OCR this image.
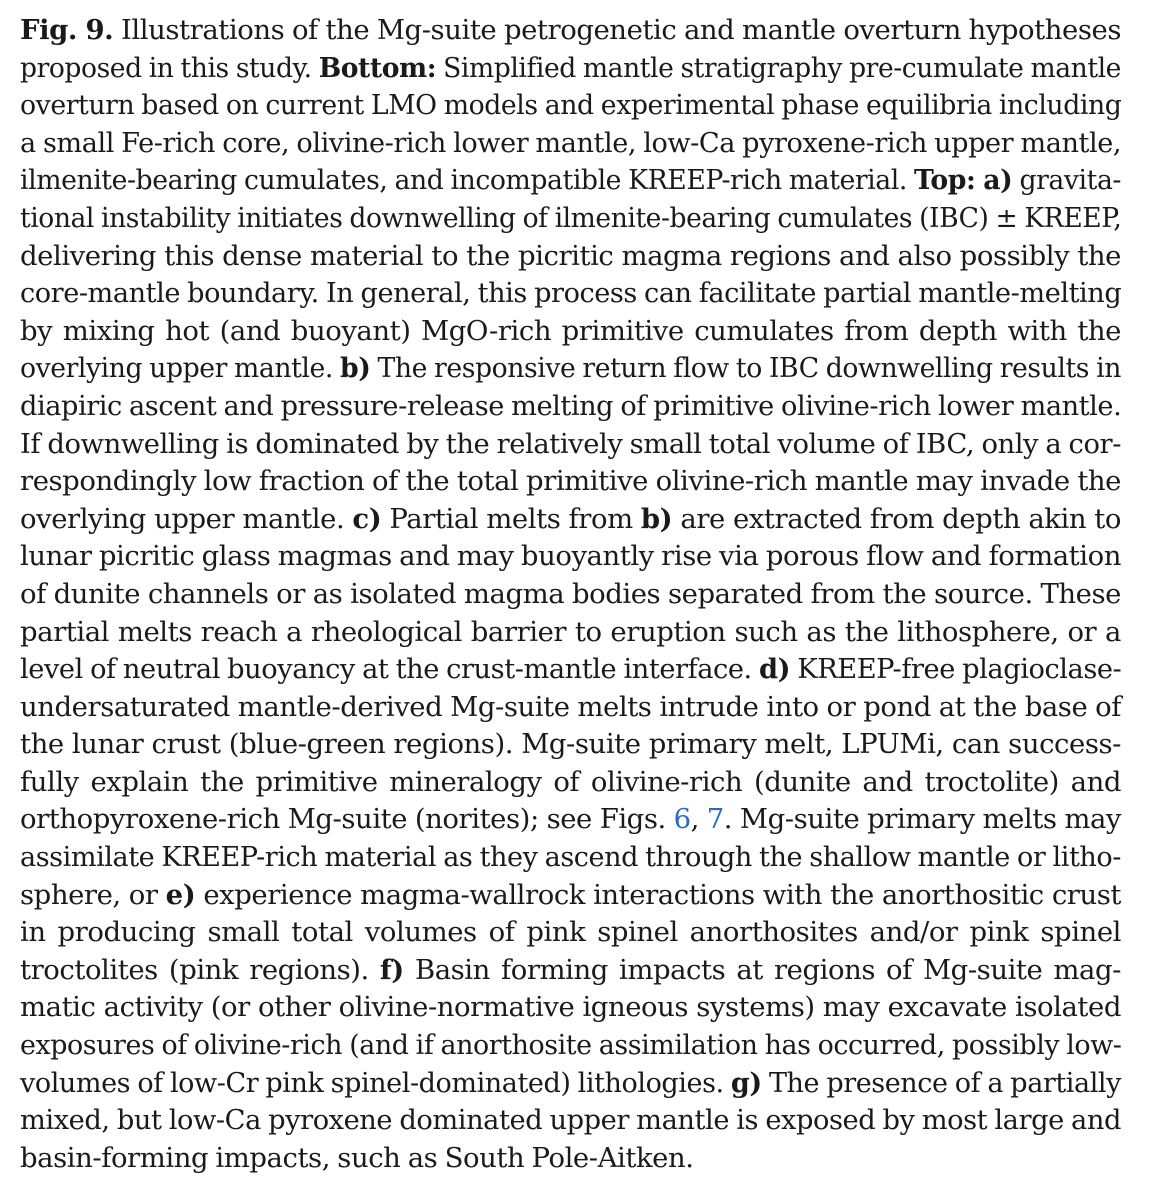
Fig. 9. Illustrations of the Mg-suite petrogenetic and mantle overturn hypotheses
proposed in this study. Bottom: Simplified mantle stratigraphy pre-cumulate mantle
overturn based on current LMO models and experimental phase equilibria including
a small Fe-rich core, olivine-rich lower mantle, low-Ca pyroxene-rich upper mantle,
ilmenite-bearing cumulates, and incompatible KREEP-rich material. Top: a) gravita-
tional instability initiates downwelling of ilmenite-bearing cumulates (IBC) ± KREEP,
delivering this dense material to the picritic magma regions and also possibly the
core-mantle boundary. In general, this process can facilitate partial mantle-melting
by mixing hot (and buoyant) MgO-rich primitive cumulates from depth with the
overlying upper mantle. b) The responsive return flow to IBC downwelling results in
diapiric ascent and pressure-release melting of primitive olivine-rich lower mantle.
If downwelling is dominated by the relatively small total volume of IBC, only a cor-
respondingly low fraction of the total primitive olivine-rich mantle may invade the
overlying upper mantle. c) Partial melts from b) are extracted from depth akin to
lunar picritic glass magmas and may buoyantly rise via porous flow and formation
of dunite channels or as isolated magma bodies separated from the source. These
partial melts reach a rheological barrier to eruption such as the lithosphere, or a
level of neutral buoyancy at the crust-mantle interface. d) KREEP-free plagioclase-
undersaturated mantle-derived Mg-suite melts intrude into or pond at the base of
the lunar crust (blue-green regions). Mg-suite primary melt, LPUMi, can success-
fully explain the primitive mineralogy of olivine-rich (dunite and troctolite) and
orthopyroxene-rich Mg-suite (norites); see Figs. 6, 7. Mg-suite primary melts may
assimilate KREEP-rich material as they ascend through the shallow mantle or litho-
sphere, or e) experience magma-wallrock interactions with the anorthositic crust
in producing small total volumes of pink spinel anorthosites and/or pink spinel
troctolites (pink regions). f) Basin forming impacts at regions of Mg-suite mag-
matic activity (or other olivine-normative igneous systems) may excavate isolated
exposures of olivine-rich (and if anorthosite assimilation has occurred, possibly low-
volumes of low-Cr pink spinel-dominated) lithologies. g) The presence of a partially
mixed, but low-Ca pyroxene dominated upper mantle is exposed by most large and
basin-forming impacts, such as South Pole-Aitken.
